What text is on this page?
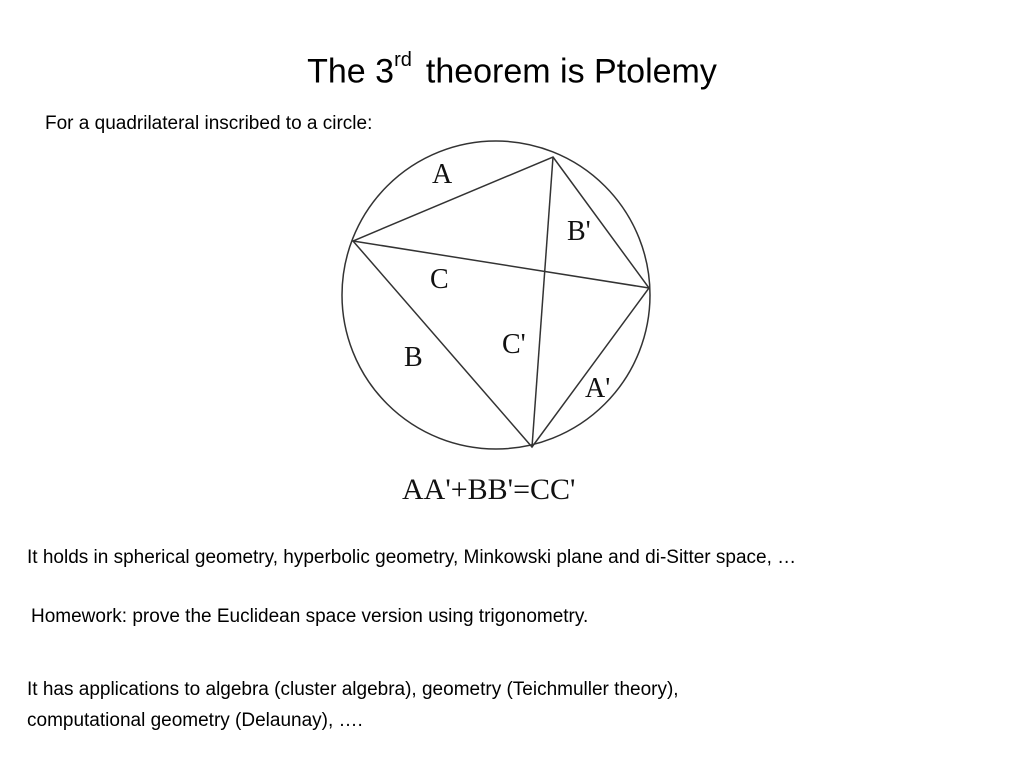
The 3rd theorem is Ptolemy
For a quadrilateral inscribed to a circle:
A
B'
C
C'
B
A'
AA'+BB'=CC'
It holds in spherical geometry, hyperbolic geometry, Minkowski plane and di-Sitter space, …
Homework: prove the Euclidean space version using trigonometry.
It has applications to algebra (cluster algebra), geometry (Teichmuller theory),
computational geometry (Delaunay), ….
